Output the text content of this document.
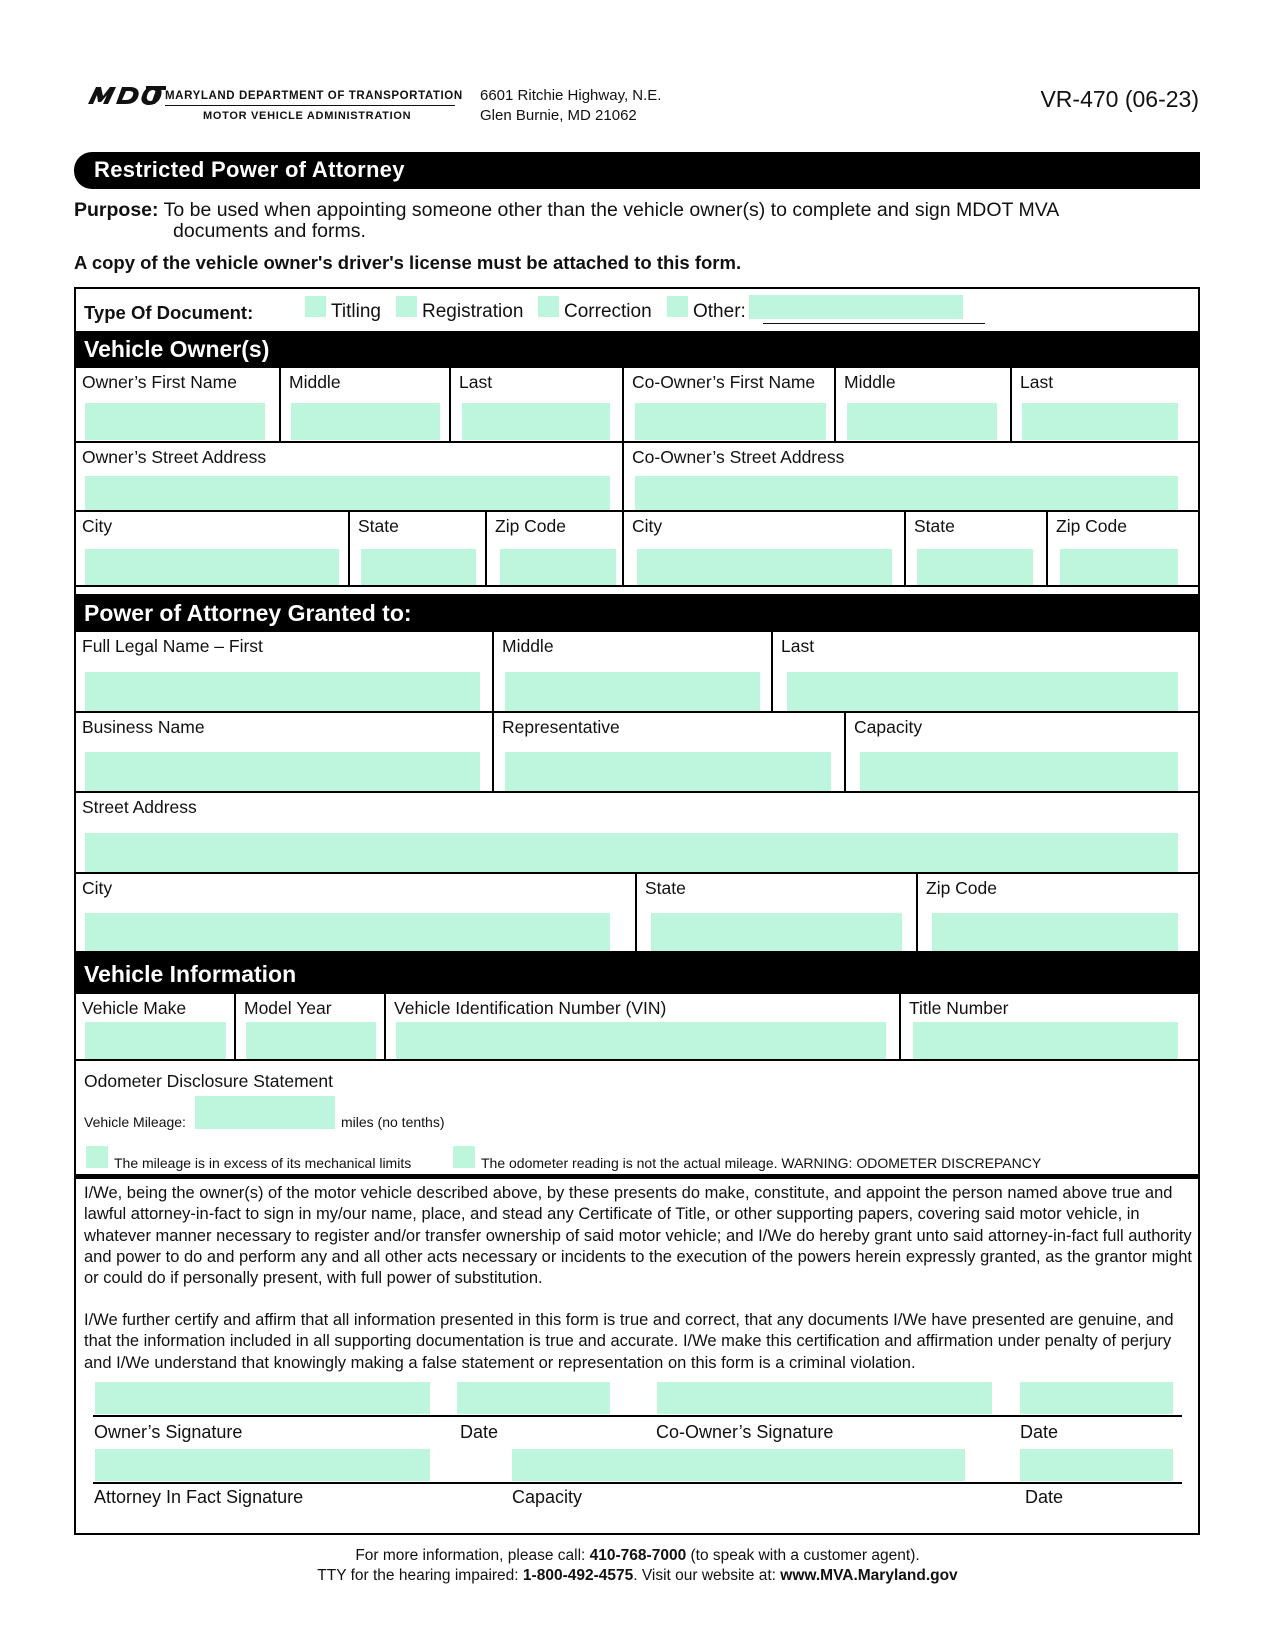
MARYLAND DEPARTMENT OF TRANSPORTATION
MOTOR VEHICLE ADMINISTRATION
6601 Ritchie Highway, N.E.
Glen Burnie, MD 21062
VR-470 (06-23)
Restricted Power of Attorney
Purpose: To be used when appointing someone other than the vehicle owner(s) to complete and sign MDOT MVA
documents and forms.
A copy of the vehicle owner's driver's license must be attached to this form.
Type Of Document:	Titling Registration Correction Other:
Vehicle Owner(s)
Owner’s First Name	Middle	Last	Co-Owner’s First Name Middle	Last
Owner’s Street Address	Co-Owner’s Street Address
City	State	Zip Code	City	State	Zip Code
Power of Attorney Granted to:
Full Legal Name – First	Middle	Last
Business Name	Representative	Capacity
Street Address
City	State	Zip Code
Vehicle Information
Vehicle Make	Model Year	Vehicle Identification Number (VIN)	Title Number
Odometer Disclosure Statement
Vehicle Mileage:	miles (no tenths)
The mileage is in excess of its mechanical limits	The odometer reading is not the actual mileage. WARNING: ODOMETER DISCREPANCY
I/We, being the owner(s) of the motor vehicle described above, by these presents do make, constitute, and appoint the person named above true and lawful attorney-in-fact to sign in my/our name, place, and stead any Certificate of Title, or other supporting papers, covering said motor vehicle, in whatever manner necessary to register and/or transfer ownership of said motor vehicle; and I/We do hereby grant unto said attorney-in-fact full authority and power to do and perform any and all other acts necessary or incidents to the execution of the powers herein expressly granted, as the grantor might or could do if personally present, with full power of substitution.
I/We further certify and affirm that all information presented in this form is true and correct, that any documents I/We have presented are genuine, and that the information included in all supporting documentation is true and accurate. I/We make this certification and affirmation under penalty of perjury and I/We understand that knowingly making a false statement or representation on this form is a criminal violation.
Owner’s Signature	Date	Co-Owner’s Signature	Date
Attorney In Fact Signature	Capacity	Date
For more information, please call: 410-768-7000 (to speak with a customer agent).
TTY for the hearing impaired: 1-800-492-4575. Visit our website at: www.MVA.Maryland.gov
